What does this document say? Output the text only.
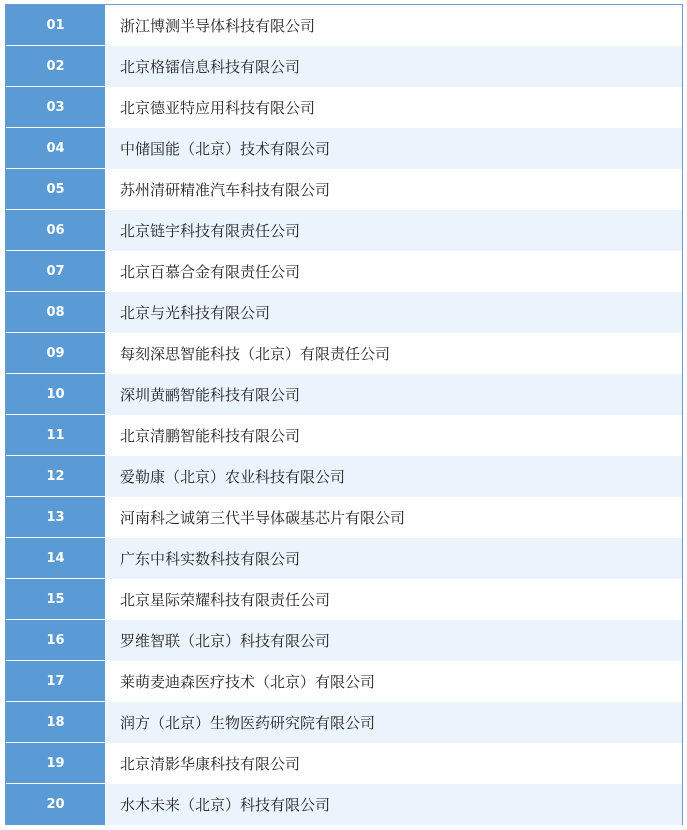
01	浙江博测半导体科技有限公司
02	北京格镭信息科技有限公司
03	北京德亚特应用科技有限公司
04	中储国能（北京）技术有限公司
05	苏州清研精准汽车科技有限公司
06	北京链宇科技有限责任公司
07	北京百慕合金有限责任公司
08	北京与光科技有限公司
09	每刻深思智能科技（北京）有限责任公司
10	深圳黄鹂智能科技有限公司
11	北京清鹏智能科技有限公司
12	爱勒康（北京）农业科技有限公司
13	河南科之诚第三代半导体碳基芯片有限公司
14	广东中科实数科技有限公司
15	北京星际荣耀科技有限责任公司
16	罗维智联（北京）科技有限公司
17	莱萌麦迪森医疗技术（北京）有限公司
18	润方（北京）生物医药研究院有限公司
19	北京清影华康科技有限公司
20	水木未来（北京）科技有限公司
